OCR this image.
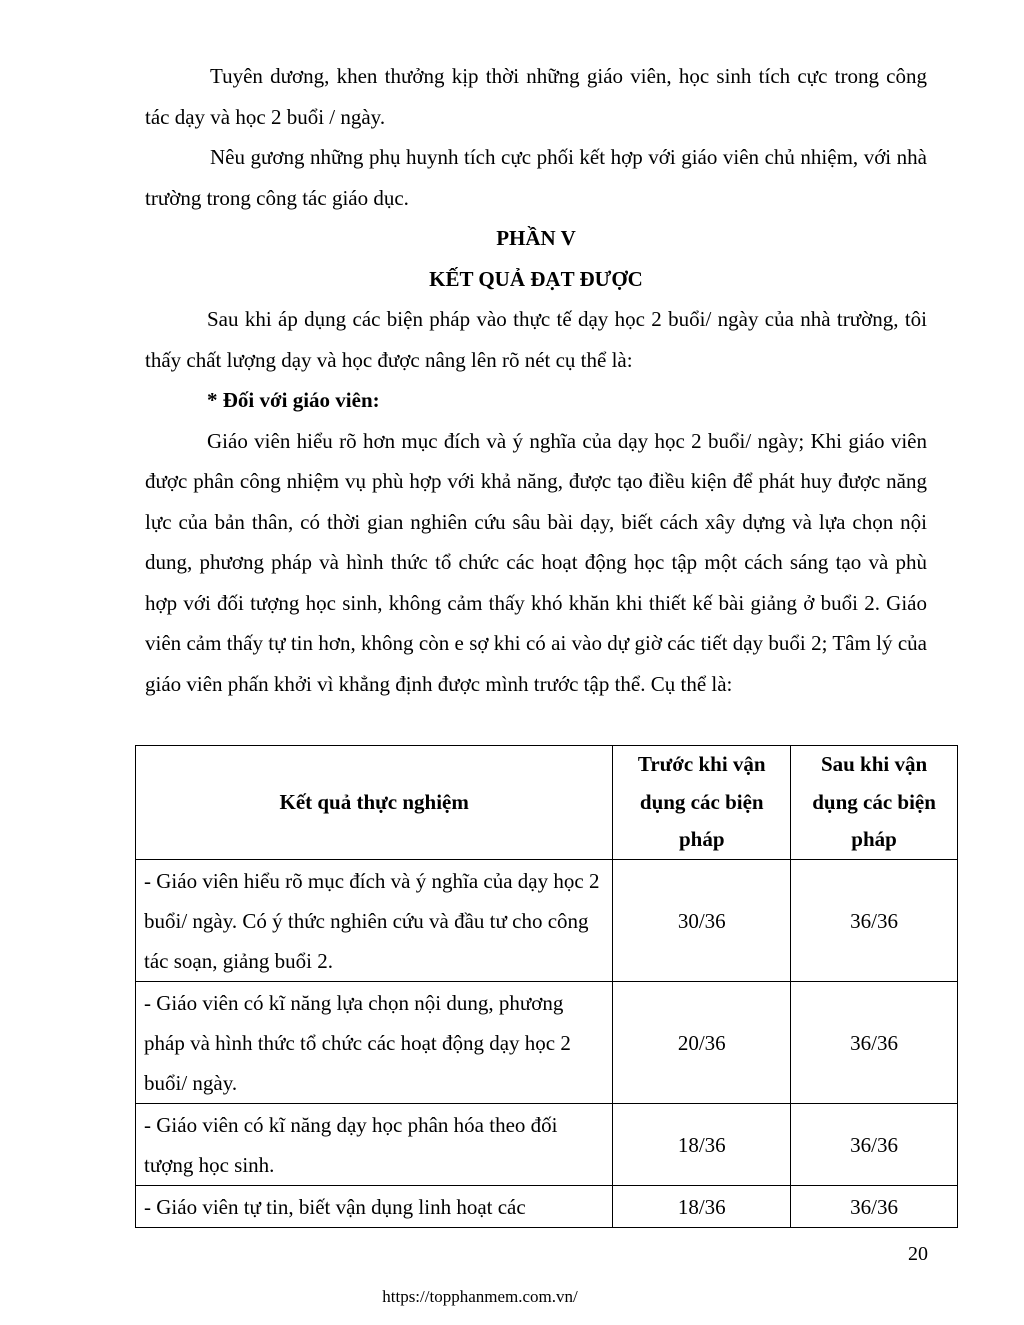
Tuyên dương, khen thưởng kịp thời những giáo viên, học sinh tích cực trong công tác dạy và học 2 buổi / ngày.

Nêu gương những phụ huynh tích cực phối kết hợp với giáo viên chủ nhiệm, với nhà trường trong công tác giáo dục.

PHẦN V

KẾT QUẢ ĐẠT ĐƯỢC

Sau khi áp dụng các biện pháp vào thực tế dạy học 2 buổi/ ngày của nhà trường, tôi thấy chất lượng dạy và học được nâng lên rõ nét cụ thể là:

* Đối với giáo viên:

Giáo viên hiểu rõ hơn mục đích và ý nghĩa của dạy học 2 buổi/ ngày; Khi giáo viên được phân công nhiệm vụ phù hợp với khả năng, được tạo điều kiện để phát huy được năng lực của bản thân, có thời gian nghiên cứu sâu bài dạy, biết cách xây dựng và lựa chọn nội dung, phương pháp và hình thức tổ chức các hoạt động học tập một cách sáng tạo và phù hợp với đối tượng học sinh, không cảm thấy khó khăn khi thiết kế bài giảng ở buổi 2. Giáo viên cảm thấy tự tin hơn, không còn e sợ khi có ai vào dự giờ các tiết dạy buổi 2; Tâm lý của giáo viên phấn khởi vì khẳng định được mình trước tập thể. Cụ thể là:

Kết quả thực nghiệm	Trước khi vận dụng các biện pháp	Sau khi vận dụng các biện pháp
- Giáo viên hiểu rõ mục đích và ý nghĩa của dạy học 2 buổi/ ngày. Có ý thức nghiên cứu và đầu tư cho công tác soạn, giảng buổi 2.	30/36	36/36
- Giáo viên có kĩ năng lựa chọn nội dung, phương pháp và hình thức tổ chức các hoạt động dạy học 2 buổi/ ngày.	20/36	36/36
- Giáo viên có kĩ năng dạy học phân hóa theo đối tượng học sinh.	18/36	36/36
- Giáo viên tự tin, biết vận dụng linh hoạt các	18/36	36/36
20
https://topphanmem.com.vn/
